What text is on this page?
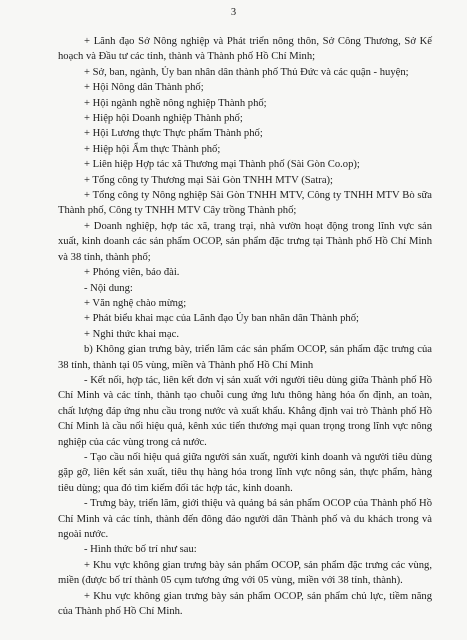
3

+ Lãnh đạo Sở Nông nghiệp và Phát triển nông thôn, Sở Công Thương, Sở Kế hoạch và Đầu tư các tỉnh, thành và Thành phố Hồ Chí Minh;

+ Sở, ban, ngành, Ủy ban nhân dân thành phố Thủ Đức và các quận - huyện;

+ Hội Nông dân Thành phố;

+ Hội ngành nghề nông nghiệp Thành phố;

+ Hiệp hội Doanh nghiệp Thành phố;

+ Hội Lương thực Thực phẩm Thành phố;

+ Hiệp hội Ẩm thực Thành phố;

+ Liên hiệp Hợp tác xã Thương mại Thành phố (Sài Gòn Co.op);

+ Tổng công ty Thương mại Sài Gòn TNHH MTV (Satra);

+ Tổng công ty Nông nghiệp Sài Gòn TNHH MTV, Công ty TNHH MTV Bò sữa Thành phố, Công ty TNHH MTV Cây trồng Thành phố;

+ Doanh nghiệp, hợp tác xã, trang trại, nhà vườn hoạt động trong lĩnh vực sản xuất, kinh doanh các sản phẩm OCOP, sản phẩm đặc trưng tại Thành phố Hồ Chí Minh và 38 tỉnh, thành phố;

+ Phóng viên, báo đài.

- Nội dung:

+ Văn nghệ chào mừng;

+ Phát biểu khai mạc của Lãnh đạo Ủy ban nhân dân Thành phố;

+ Nghi thức khai mạc.

b) Không gian trưng bày, triển lãm các sản phẩm OCOP, sản phẩm đặc trưng của 38 tỉnh, thành tại 05 vùng, miền và Thành phố Hồ Chí Minh

- Kết nối, hợp tác, liên kết đơn vị sản xuất với người tiêu dùng giữa Thành phố Hồ Chí Minh và các tỉnh, thành tạo chuỗi cung ứng lưu thông hàng hóa ổn định, an toàn, chất lượng đáp ứng nhu cầu trong nước và xuất khẩu. Khẳng định vai trò Thành phố Hồ Chí Minh là cầu nối hiệu quả, kênh xúc tiến thương mại quan trọng trong lĩnh vực nông nghiệp của các vùng trong cả nước.

- Tạo cầu nối hiệu quả giữa người sản xuất, người kinh doanh và người tiêu dùng gặp gỡ, liên kết sản xuất, tiêu thụ hàng hóa trong lĩnh vực nông sản, thực phẩm, hàng tiêu dùng; qua đó tìm kiếm đối tác hợp tác, kinh doanh.

- Trưng bày, triển lãm, giới thiệu và quảng bá sản phẩm OCOP của Thành phố Hồ Chí Minh và các tỉnh, thành đến đông đảo người dân Thành phố và du khách trong và ngoài nước.

- Hình thức bố trí như sau:

+ Khu vực không gian trưng bày sản phẩm OCOP, sản phẩm đặc trưng các vùng, miền (được bố trí thành 05 cụm tương ứng với 05 vùng, miền với 38 tỉnh, thành).

+ Khu vực không gian trưng bày sản phẩm OCOP, sản phẩm chủ lực, tiềm năng của Thành phố Hồ Chí Minh.
